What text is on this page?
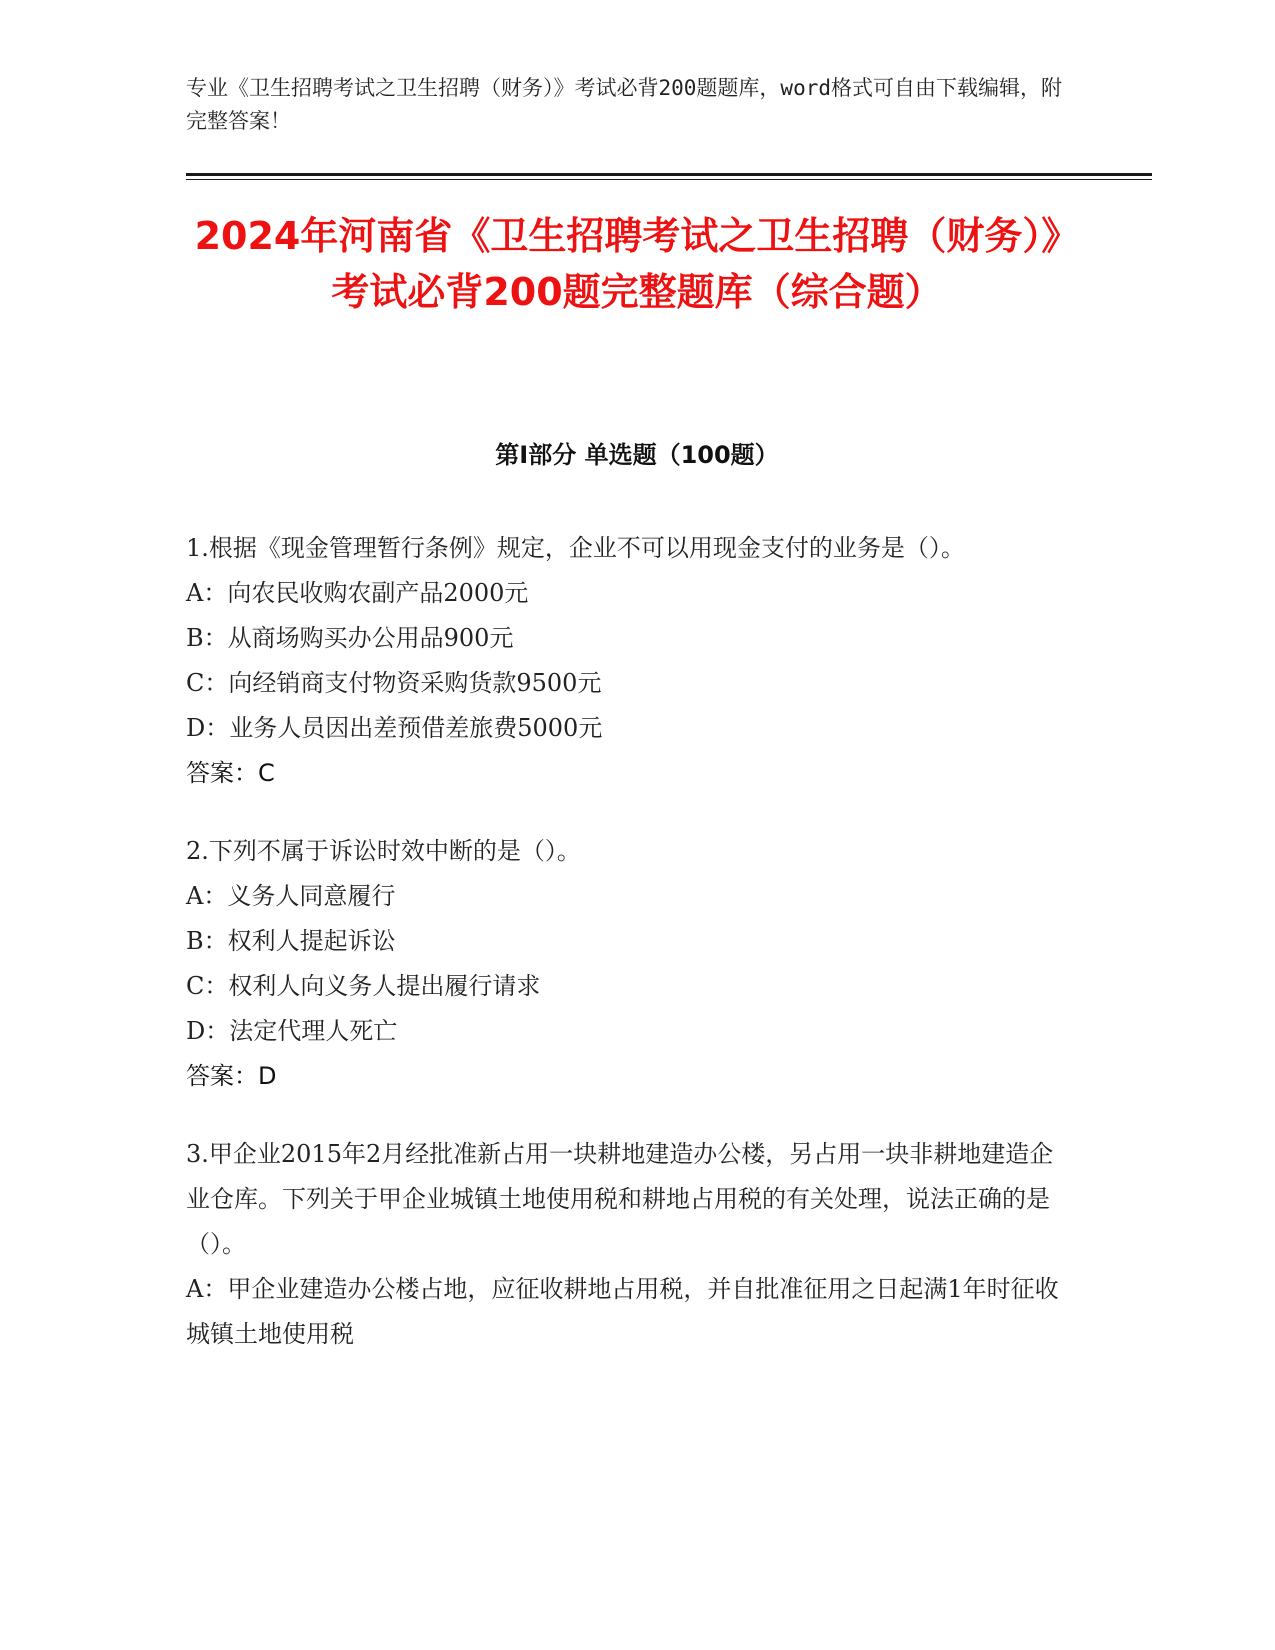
专业《卫生招聘考试之卫生招聘（财务）》考试必背200题题库，word格式可自由下载编辑，附完整答案！

2024年河南省《卫生招聘考试之卫生招聘（财务）》考试必背200题完整题库（综合题）
第Ⅰ部分 单选题（100题）

1.根据《现金管理暂行条例》规定，企业不可以用现金支付的业务是（）。

A：向农民收购农副产品2000元

B：从商场购买办公用品900元

C：向经销商支付物资采购货款9500元

D：业务人员因出差预借差旅费5000元

答案：C

2.下列不属于诉讼时效中断的是（）。

A：义务人同意履行

B：权利人提起诉讼

C：权利人向义务人提出履行请求

D：法定代理人死亡

答案：D

3.甲企业2015年2月经批准新占用一块耕地建造办公楼，另占用一块非耕地建造企业仓库。下列关于甲企业城镇土地使用税和耕地占用税的有关处理，说法正确的是（）。

A：甲企业建造办公楼占地，应征收耕地占用税，并自批准征用之日起满1年时征收城镇土地使用税
